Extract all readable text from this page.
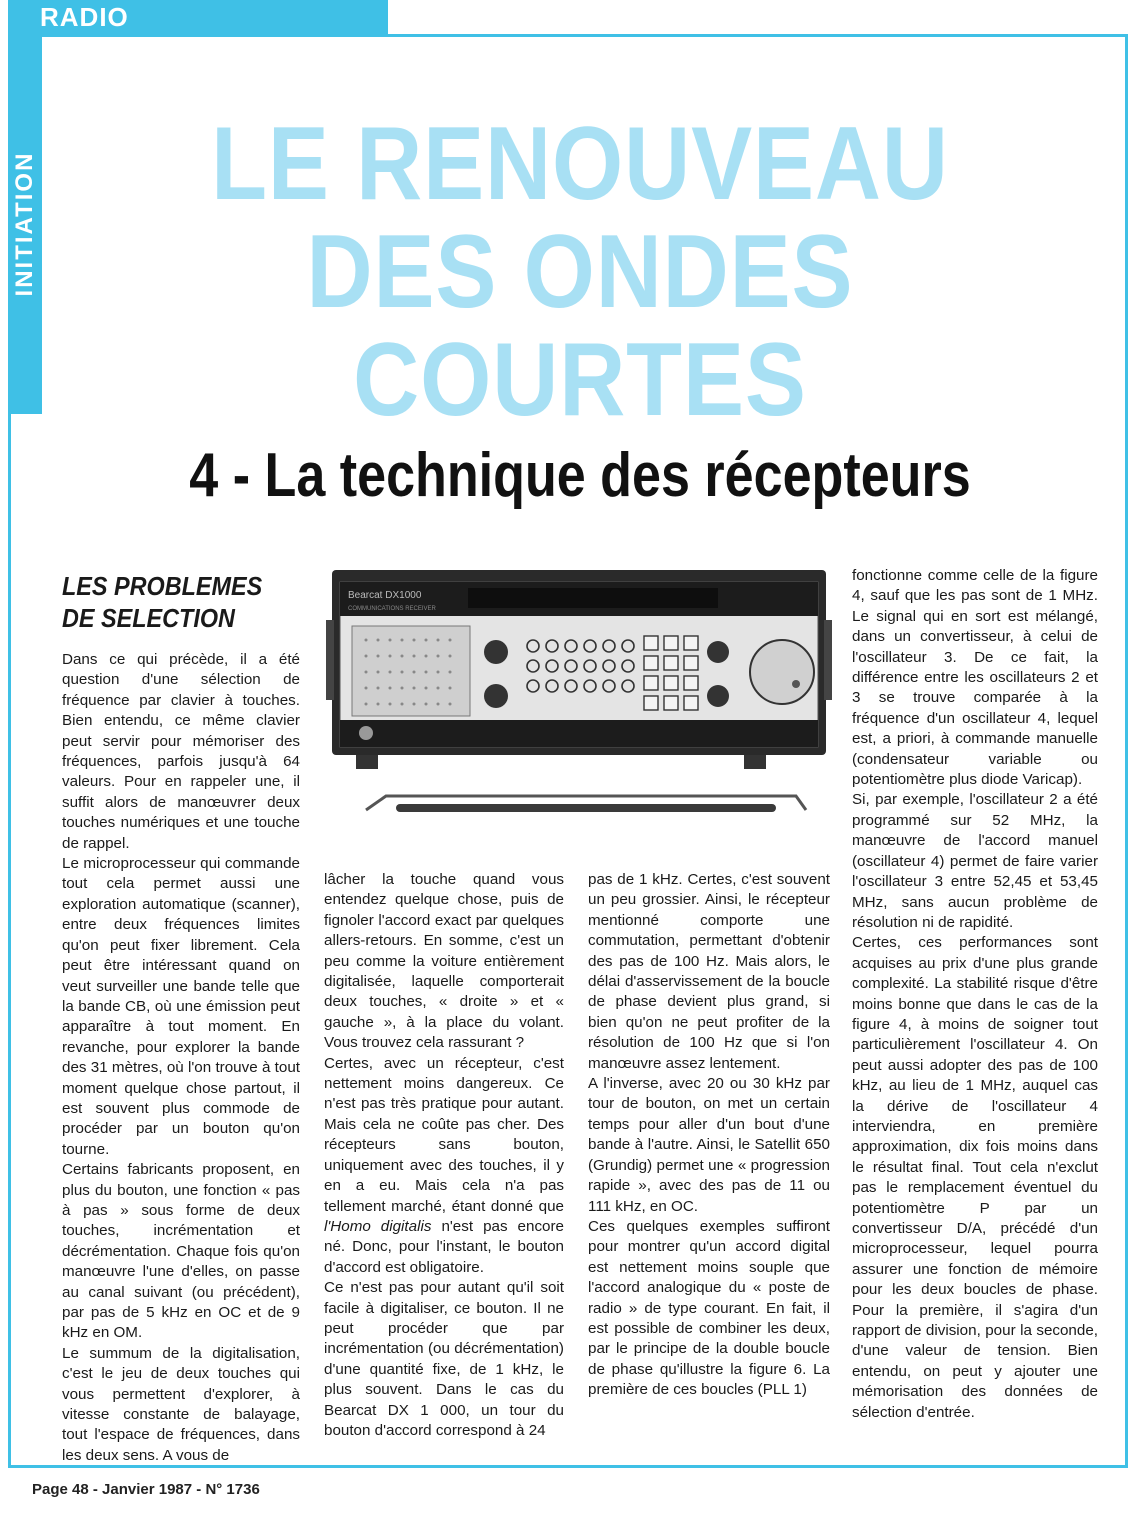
RADIO
INITIATION	LE RENOUVEAU
DES ONDES COURTES
4 - La technique des récepteurs
LES PROBLEMES
DE SELECTION

Dans ce qui précède, il a été question d'une sélection de fréquence par clavier à touches. Bien entendu, ce même clavier peut servir pour mémoriser des fréquences, parfois jusqu'à 64 valeurs. Pour en rappeler une, il suffit alors de manœuvrer deux touches numériques et une touche de rappel.

Le microprocesseur qui commande tout cela permet aussi une exploration automatique (scanner), entre deux fréquences limites qu'on peut fixer librement. Cela peut être intéressant quand on veut surveiller une bande telle que la bande CB, où une émission peut apparaître à tout moment. En revanche, pour explorer la bande des 31 mètres, où l'on trouve à tout moment quelque chose partout, il est souvent plus commode de procéder par un bouton qu'on tourne.

Certains fabricants proposent, en plus du bouton, une fonction « pas à pas » sous forme de deux touches, incrémentation et décrémentation. Chaque fois qu'on manœuvre l'une d'elles, on passe au canal suivant (ou précédent), par pas de 5 kHz en OC et de 9 kHz en OM.

Le summum de la digitalisation, c'est le jeu de deux touches qui vous permettent d'explorer, à vitesse constante de balayage, tout l'espace de fréquences, dans les deux sens. A vous de

lâcher la touche quand vous entendez quelque chose, puis de fignoler l'accord exact par quelques allers-retours. En somme, c'est un peu comme la voiture entièrement digitalisée, laquelle comporterait deux touches, « droite » et « gauche », à la place du volant. Vous trouvez cela rassurant ?

Certes, avec un récepteur, c'est nettement moins dangereux. Ce n'est pas très pratique pour autant. Mais cela ne coûte pas cher. Des récepteurs sans bouton, uniquement avec des touches, il y en a eu. Mais cela n'a pas tellement marché, étant donné que l'Homo digitalis n'est pas encore né. Donc, pour l'instant, le bouton d'accord est obligatoire.

Ce n'est pas pour autant qu'il soit facile à digitaliser, ce bouton. Il ne peut procéder que par incrémentation (ou décrémentation) d'une quantité fixe, de 1 kHz, le plus souvent. Dans le cas du Bearcat DX 1 000, un tour du bouton d'accord correspond à 24

pas de 1 kHz. Certes, c'est souvent un peu grossier. Ainsi, le récepteur mentionné comporte une commutation, permettant d'obtenir des pas de 100 Hz. Mais alors, le délai d'asservissement de la boucle de phase devient plus grand, si bien qu'on ne peut profiter de la résolution de 100 Hz que si l'on manœuvre assez lentement.

A l'inverse, avec 20 ou 30 kHz par tour de bouton, on met un certain temps pour aller d'un bout d'une bande à l'autre. Ainsi, le Satellit 650 (Grundig) permet une « progression rapide », avec des pas de 11 ou 111 kHz, en OC.

Ces quelques exemples suffiront pour montrer qu'un accord digital est nettement moins souple que l'accord analogique du « poste de radio » de type courant. En fait, il est possible de combiner les deux, par le principe de la double boucle de phase qu'illustre la figure 6. La première de ces boucles (PLL 1)

fonctionne comme celle de la figure 4, sauf que les pas sont de 1 MHz. Le signal qui en sort est mélangé, dans un convertisseur, à celui de l'oscillateur 3. De ce fait, la différence entre les oscillateurs 2 et 3 se trouve comparée à la fréquence d'un oscillateur 4, lequel est, a priori, à commande manuelle (condensateur variable ou potentiomètre plus diode Varicap).

Si, par exemple, l'oscillateur 2 a été programmé sur 52 MHz, la manœuvre de l'accord manuel (oscillateur 4) permet de faire varier l'oscillateur 3 entre 52,45 et 53,45 MHz, sans aucun problème de résolution ni de rapidité.

Certes, ces performances sont acquises au prix d'une plus grande complexité. La stabilité risque d'être moins bonne que dans le cas de la figure 4, à moins de soigner tout particulièrement l'oscillateur 4. On peut aussi adopter des pas de 100 kHz, au lieu de 1 MHz, auquel cas la dérive de l'oscillateur 4 interviendra, en première approximation, dix fois moins dans le résultat final. Tout cela n'exclut pas le remplacement éventuel du potentiomètre P par un convertisseur D/A, précédé d'un microprocesseur, lequel pourra assurer une fonction de mémoire pour les deux boucles de phase. Pour la première, il s'agira d'un rapport de division, pour la seconde, d'une valeur de tension. Bien entendu, on peut y ajouter une mémorisation des données de sélection d'entrée.

Bearcat DX1000
COMMUNICATIONS RECEIVER
Page 48 - Janvier 1987 - N° 1736
